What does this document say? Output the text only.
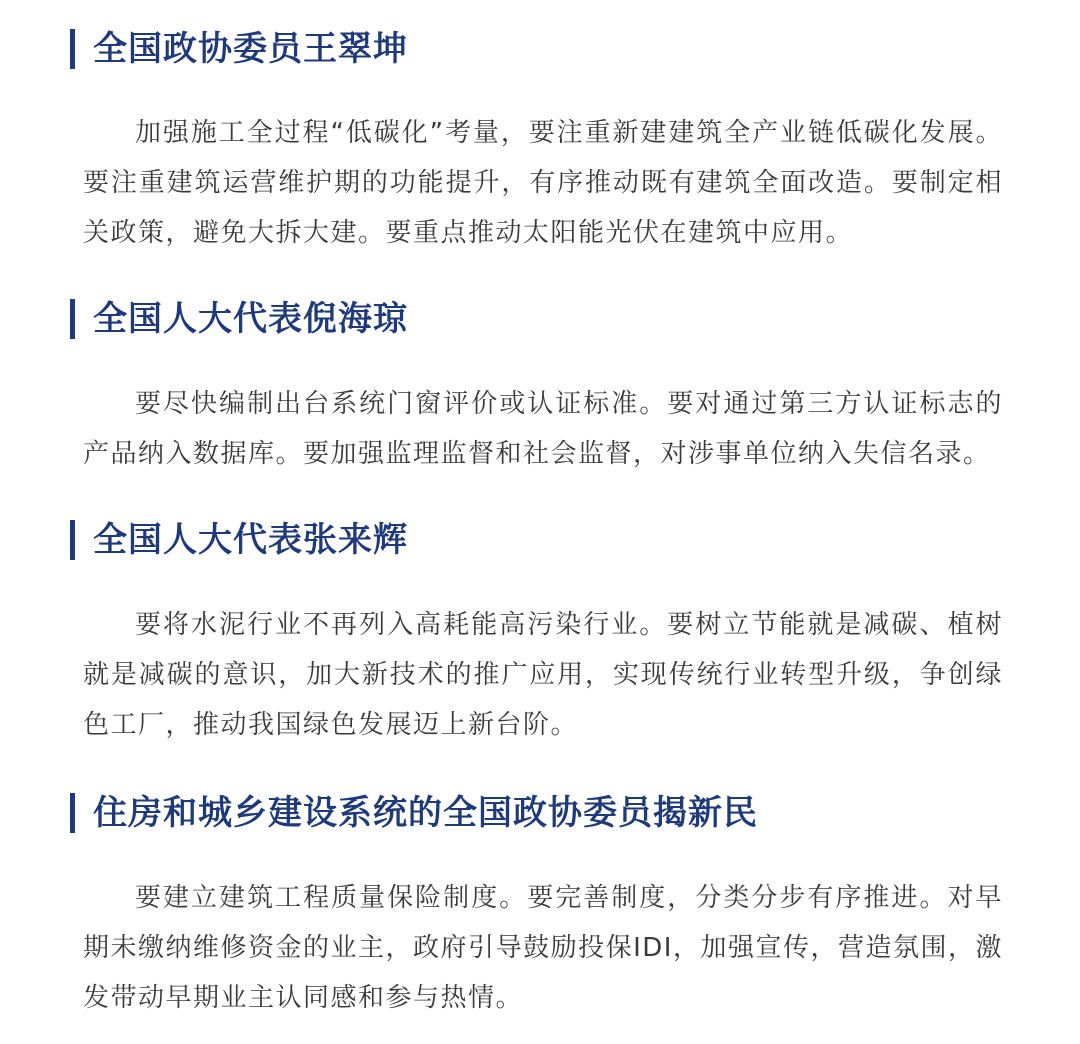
全国政协委员王翠坤

加强施工全过程“低碳化”考量，要注重新建建筑全产业链低碳化发展。要注重建筑运营维护期的功能提升，有序推动既有建筑全面改造。要制定相关政策，避免大拆大建。要重点推动太阳能光伏在建筑中应用。

全国人大代表倪海琼

要尽快编制出台系统门窗评价或认证标准。要对通过第三方认证标志的产品纳入数据库。要加强监理监督和社会监督，对涉事单位纳入失信名录。

全国人大代表张来辉

要将水泥行业不再列入高耗能高污染行业。要树立节能就是减碳、植树就是减碳的意识，加大新技术的推广应用，实现传统行业转型升级，争创绿色工厂，推动我国绿色发展迈上新台阶。

住房和城乡建设系统的全国政协委员揭新民

要建立建筑工程质量保险制度。要完善制度，分类分步有序推进。对早期未缴纳维修资金的业主，政府引导鼓励投保IDI，加强宣传，营造氛围，激发带动早期业主认同感和参与热情。
